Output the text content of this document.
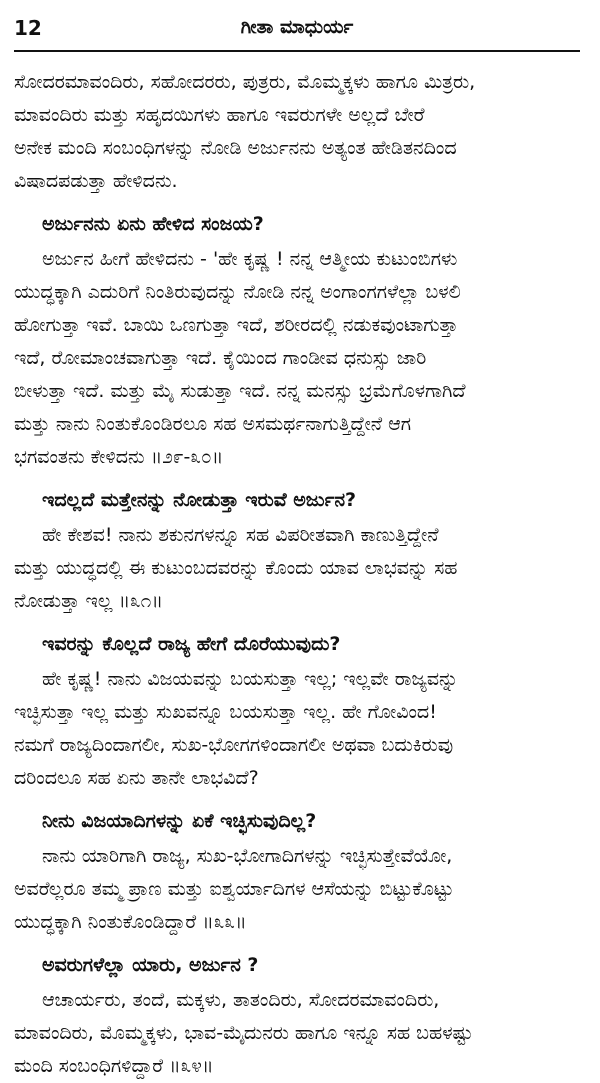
12	ಗೀತಾ ಮಾಧುರ್ಯ

ಸೋದರಮಾವಂದಿರು, ಸಹೋದರರು, ಪುತ್ರರು, ಮೊಮ್ಮಕ್ಕಳು ಹಾಗೂ ಮಿತ್ರರು,
ಮಾವಂದಿರು ಮತ್ತು ಸಹೃದಯಿಗಳು ಹಾಗೂ ಇವರುಗಳೇ ಅಲ್ಲದೆ ಬೇರೆ
ಅನೇಕ ಮಂದಿ ಸಂಬಂಧಿಗಳನ್ನು ನೋಡಿ ಅರ್ಜುನನು ಅತ್ಯಂತ ಹೇಡಿತನದಿಂದ
ವಿಷಾದಪಡುತ್ತಾ ಹೇಳಿದನು.

ಅರ್ಜುನನು ಏನು ಹೇಳಿದ ಸಂಜಯ?

ಅರ್ಜುನ ಹೀಗೆ ಹೇಳಿದನು - 'ಹೇ ಕೃಷ್ಣ ! ನನ್ನ ಆತ್ಮೀಯ ಕುಟುಂಬಿಗಳು
ಯುದ್ಧಕ್ಕಾಗಿ ಎದುರಿಗೆ ನಿಂತಿರುವುದನ್ನು ನೋಡಿ ನನ್ನ ಅಂಗಾಂಗಗಳೆಲ್ಲಾ ಬಳಲಿ
ಹೋಗುತ್ತಾ ಇವೆ. ಬಾಯಿ ಒಣಗುತ್ತಾ ಇದೆ, ಶರೀರದಲ್ಲಿ ನಡುಕವುಂಟಾಗುತ್ತಾ
ಇದೆ, ರೋಮಾಂಚವಾಗುತ್ತಾ ಇದೆ. ಕೈಯಿಂದ ಗಾಂಡೀವ ಧನುಸ್ಸು ಜಾರಿ
ಬೀಳುತ್ತಾ ಇದೆ. ಮತ್ತು ಮೈ ಸುಡುತ್ತಾ ಇದೆ. ನನ್ನ ಮನಸ್ಸು ಭ್ರಮೆಗೊಳಗಾಗಿದೆ
ಮತ್ತು ನಾನು ನಿಂತುಕೊಂಡಿರಲೂ ಸಹ ಅಸಮರ್ಥನಾಗುತ್ತಿದ್ದೇನೆ ಆಗ
ಭಗವಂತನು ಕೇಳಿದನು ॥೨೯-೩೦॥

ಇದಲ್ಲದೆ ಮತ್ತೇನನ್ನು ನೋಡುತ್ತಾ ಇರುವೆ ಅರ್ಜುನ?

ಹೇ ಕೇಶವ! ನಾನು ಶಕುನಗಳನ್ನೂ ಸಹ ವಿಪರೀತವಾಗಿ ಕಾಣುತ್ತಿದ್ದೇನೆ
ಮತ್ತು ಯುದ್ಧದಲ್ಲಿ ಈ ಕುಟುಂಬದವರನ್ನು ಕೊಂದು ಯಾವ ಲಾಭವನ್ನು ಸಹ
ನೋಡುತ್ತಾ ಇಲ್ಲ ॥೩೧॥

ಇವರನ್ನು ಕೊಲ್ಲದೆ ರಾಜ್ಯ ಹೇಗೆ ದೊರೆಯುವುದು?

ಹೇ ಕೃಷ್ಣ! ನಾನು ವಿಜಯವನ್ನು ಬಯಸುತ್ತಾ ಇಲ್ಲ; ಇಲ್ಲವೇ ರಾಜ್ಯವನ್ನು
ಇಚ್ಛಿಸುತ್ತಾ ಇಲ್ಲ ಮತ್ತು ಸುಖವನ್ನೂ ಬಯಸುತ್ತಾ ಇಲ್ಲ. ಹೇ ಗೋವಿಂದ!
ನಮಗೆ ರಾಜ್ಯದಿಂದಾಗಲೀ, ಸುಖ-ಭೋಗಗಳಿಂದಾಗಲೀ ಅಥವಾ ಬದುಕಿರುವು
ದರಿಂದಲೂ ಸಹ ಏನು ತಾನೇ ಲಾಭವಿದೆ?

ನೀನು ವಿಜಯಾದಿಗಳನ್ನು ಏಕೆ ಇಚ್ಛಿಸುವುದಿಲ್ಲ?

ನಾನು ಯಾರಿಗಾಗಿ ರಾಜ್ಯ, ಸುಖ-ಭೋಗಾದಿಗಳನ್ನು ಇಚ್ಛಿಸುತ್ತೇವೆಯೋ,
ಅವರೆಲ್ಲರೂ ತಮ್ಮ ಪ್ರಾಣ ಮತ್ತು ಐಶ್ವರ್ಯಾದಿಗಳ ಆಸೆಯನ್ನು ಬಿಟ್ಟುಕೊಟ್ಟು
ಯುದ್ಧಕ್ಕಾಗಿ ನಿಂತುಕೊಂಡಿದ್ದಾರೆ ॥೩೩॥

ಅವರುಗಳೆಲ್ಲಾ ಯಾರು, ಅರ್ಜುನ ?

ಆಚಾರ್ಯರು, ತಂದೆ, ಮಕ್ಕಳು, ತಾತಂದಿರು, ಸೋದರಮಾವಂದಿರು,
ಮಾವಂದಿರು, ಮೊಮ್ಮಕ್ಕಳು, ಭಾವ-ಮೈದುನರು ಹಾಗೂ ಇನ್ನೂ ಸಹ ಬಹಳಷ್ಟು
ಮಂದಿ ಸಂಬಂಧಿಗಳಿದ್ದಾರೆ ॥೩೪॥
